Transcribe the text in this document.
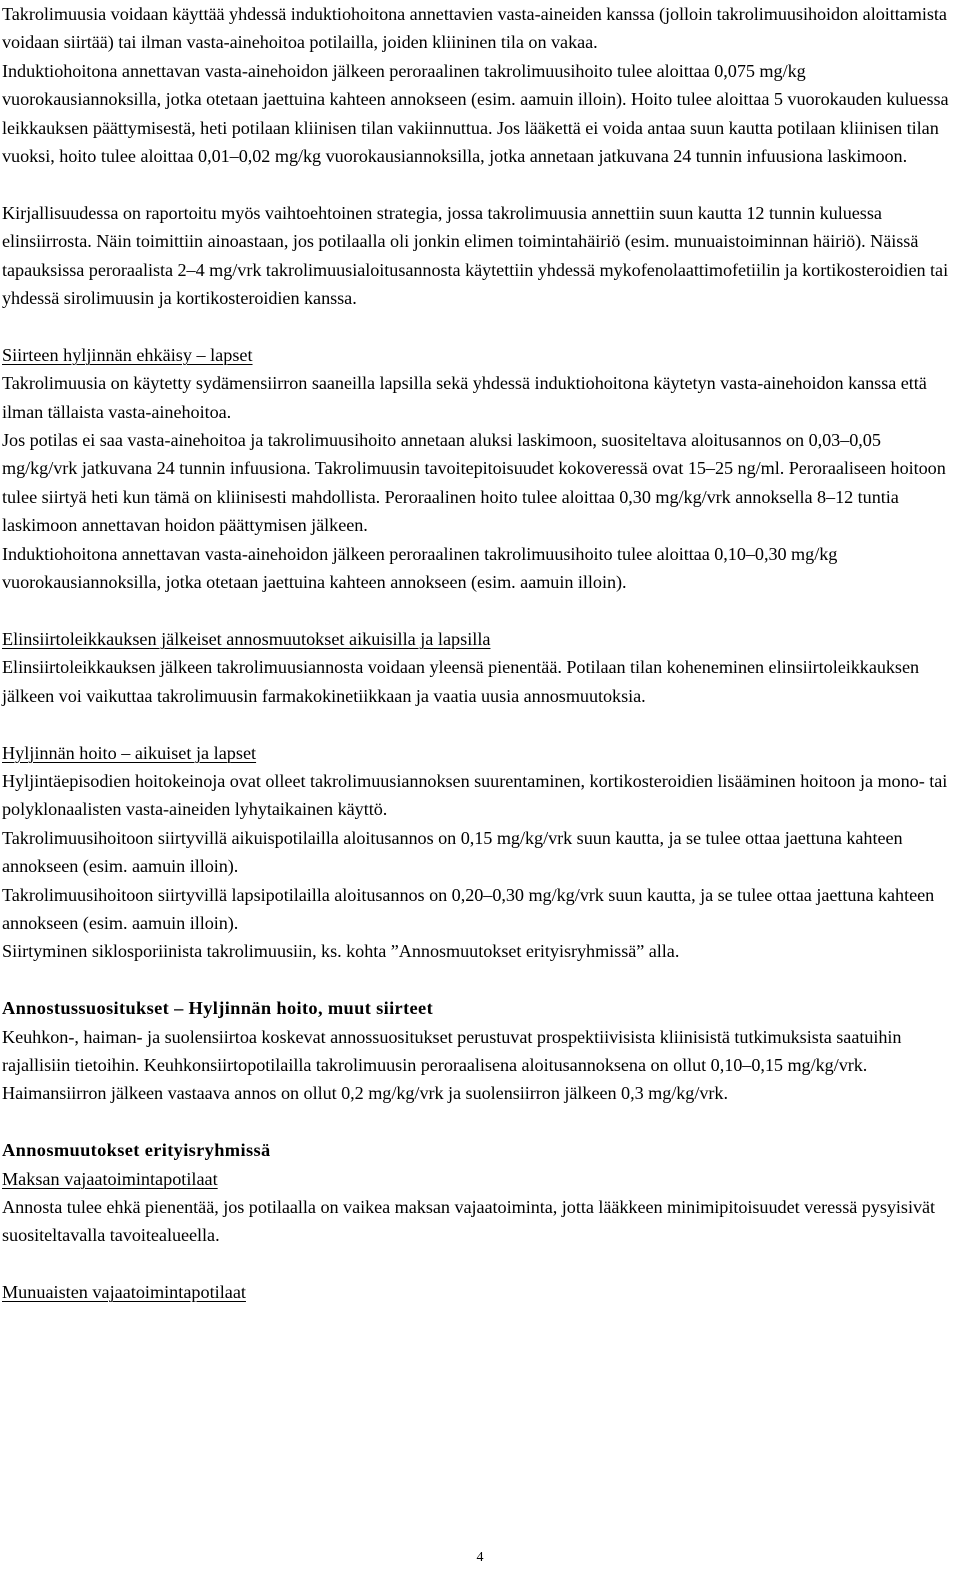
Takrolimuusia voidaan käyttää yhdessä induktiohoitona annettavien vasta-aineiden kanssa (jolloin takrolimuusihoidon aloittamista voidaan siirtää) tai ilman vasta-ainehoitoa potilailla, joiden kliininen tila on vakaa.

Induktiohoitona annettavan vasta-ainehoidon jälkeen peroraalinen takrolimuusihoito tulee aloittaa 0,075 mg/kg vuorokausiannoksilla, jotka otetaan jaettuina kahteen annokseen (esim. aamuin illoin). Hoito tulee aloittaa 5 vuorokauden kuluessa leikkauksen päättymisestä, heti potilaan kliinisen tilan vakiinnuttua. Jos lääkettä ei voida antaa suun kautta potilaan kliinisen tilan vuoksi, hoito tulee aloittaa 0,01–0,02 mg/kg vuorokausiannoksilla, jotka annetaan jatkuvana 24 tunnin infuusiona laskimoon.

Kirjallisuudessa on raportoitu myös vaihtoehtoinen strategia, jossa takrolimuusia annettiin suun kautta 12 tunnin kuluessa elinsiirrosta. Näin toimittiin ainoastaan, jos potilaalla oli jonkin elimen toimintahäiriö (esim. munuaistoiminnan häiriö). Näissä tapauksissa peroraalista 2–4 mg/vrk takrolimuusialoitusannosta käytettiin yhdessä mykofenolaattimofetiilin ja kortikosteroidien tai yhdessä sirolimuusin ja kortikosteroidien kanssa.

Siirteen hyljinnän ehkäisy – lapset

Takrolimuusia on käytetty sydämensiirron saaneilla lapsilla sekä yhdessä induktiohoitona käytetyn vasta-ainehoidon kanssa että ilman tällaista vasta-ainehoitoa.

Jos potilas ei saa vasta-ainehoitoa ja takrolimuusihoito annetaan aluksi laskimoon, suositeltava aloitusannos on 0,03–0,05 mg/kg/vrk jatkuvana 24 tunnin infuusiona. Takrolimuusin tavoitepitoisuudet kokoveressä ovat 15–25 ng/ml. Peroraaliseen hoitoon tulee siirtyä heti kun tämä on kliinisesti mahdollista. Peroraalinen hoito tulee aloittaa 0,30 mg/kg/vrk annoksella 8–12 tuntia laskimoon annettavan hoidon päättymisen jälkeen.

Induktiohoitona annettavan vasta-ainehoidon jälkeen peroraalinen takrolimuusihoito tulee aloittaa 0,10–0,30 mg/kg vuorokausiannoksilla, jotka otetaan jaettuina kahteen annokseen (esim. aamuin illoin).

Elinsiirtoleikkauksen jälkeiset annosmuutokset aikuisilla ja lapsilla

Elinsiirtoleikkauksen jälkeen takrolimuusiannosta voidaan yleensä pienentää. Potilaan tilan koheneminen elinsiirtoleikkauksen jälkeen voi vaikuttaa takrolimuusin farmakokinetiikkaan ja vaatia uusia annosmuutoksia.

Hyljinnän hoito – aikuiset ja lapset

Hyljintäepisodien hoitokeinoja ovat olleet takrolimuusiannoksen suurentaminen, kortikosteroidien lisääminen hoitoon ja mono- tai polyklonaalisten vasta-aineiden lyhytaikainen käyttö.

Takrolimuusihoitoon siirtyvillä aikuispotilailla aloitusannos on 0,15 mg/kg/vrk suun kautta, ja se tulee ottaa jaettuna kahteen annokseen (esim. aamuin illoin).

Takrolimuusihoitoon siirtyvillä lapsipotilailla aloitusannos on 0,20–0,30 mg/kg/vrk suun kautta, ja se tulee ottaa jaettuna kahteen annokseen (esim. aamuin illoin).

Siirtyminen siklosporiinista takrolimuusiin, ks. kohta ”Annosmuutokset erityisryhmissä” alla.

Annostussuositukset – Hyljinnän hoito, muut siirteet

Keuhkon-, haiman- ja suolensiirtoa koskevat annossuositukset perustuvat prospektiivisista kliinisistä tutkimuksista saatuihin rajallisiin tietoihin. Keuhkonsiirtopotilailla takrolimuusin peroraalisena aloitusannoksena on ollut 0,10–0,15 mg/kg/vrk. Haimansiirron jälkeen vastaava annos on ollut 0,2 mg/kg/vrk ja suolensiirron jälkeen 0,3 mg/kg/vrk.

Annosmuutokset erityisryhmissä

Maksan vajaatoimintapotilaat

Annosta tulee ehkä pienentää, jos potilaalla on vaikea maksan vajaatoiminta, jotta lääkkeen minimipitoisuudet veressä pysyisivät suositeltavalla tavoitealueella.

Munuaisten vajaatoimintapotilaat
4
